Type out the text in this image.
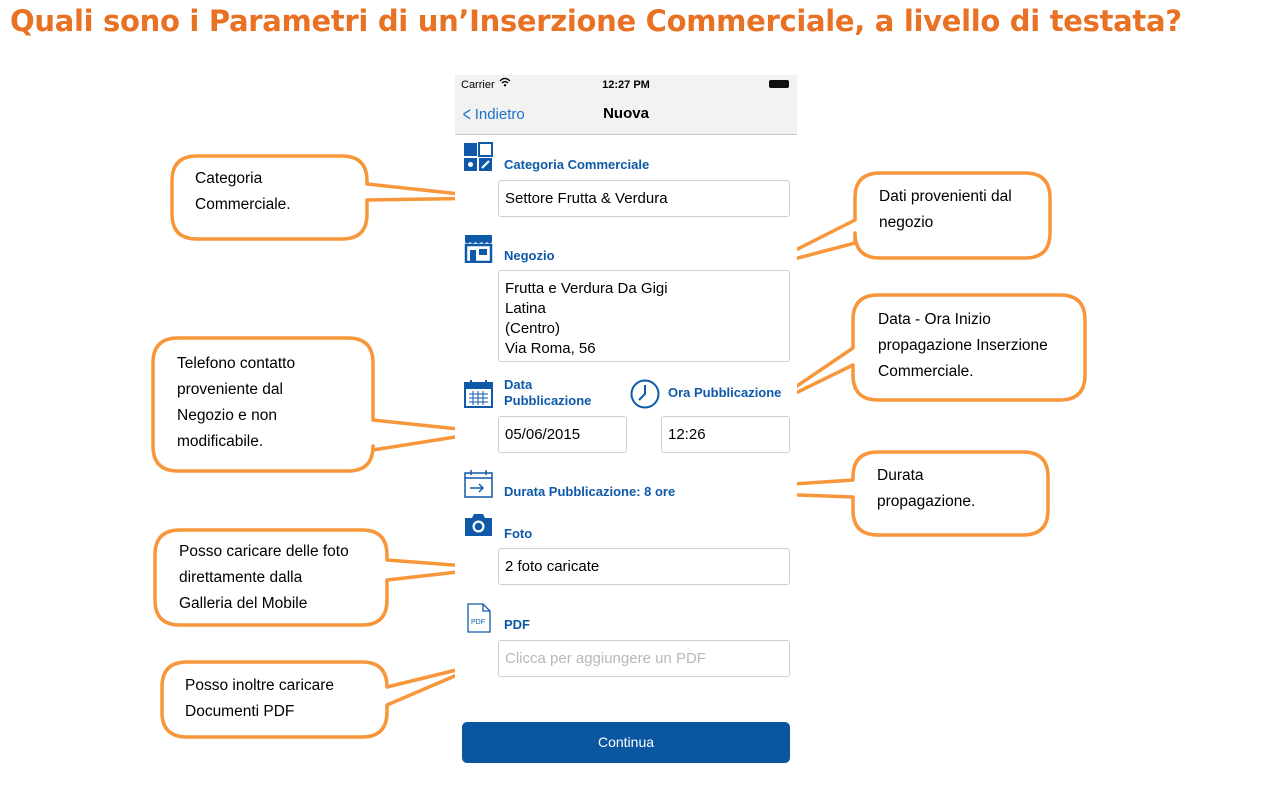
Quali sono i Parametri di un’Inserzione Commerciale, a livello di testata?
Categoria
Commerciale.	Dati provenienti dal
negozio
Telefono contatto
proveniente dal
Negozio e non
modificabile.
Data - Ora Inizio
propagazione Inserzione
Commerciale.
Durata
propagazione.
Posso caricare delle foto
direttamente dalla
Galleria del Mobile
Posso inoltre caricare
Documenti PDF
Carrier	12:27 PM
< Indietro	Nuova
Categoria Commerciale
Settore Frutta & Verdura
Negozio
Frutta e Verdura Da Gigi
Latina
(Centro)
Via Roma, 56
Data Pubblicazione
Ora Pubblicazione
05/06/2015	12:26
Durata Pubblicazione: 8 ore
Foto
2 foto caricate
PDF PDF
Clicca per aggiungere un PDF
Continua
